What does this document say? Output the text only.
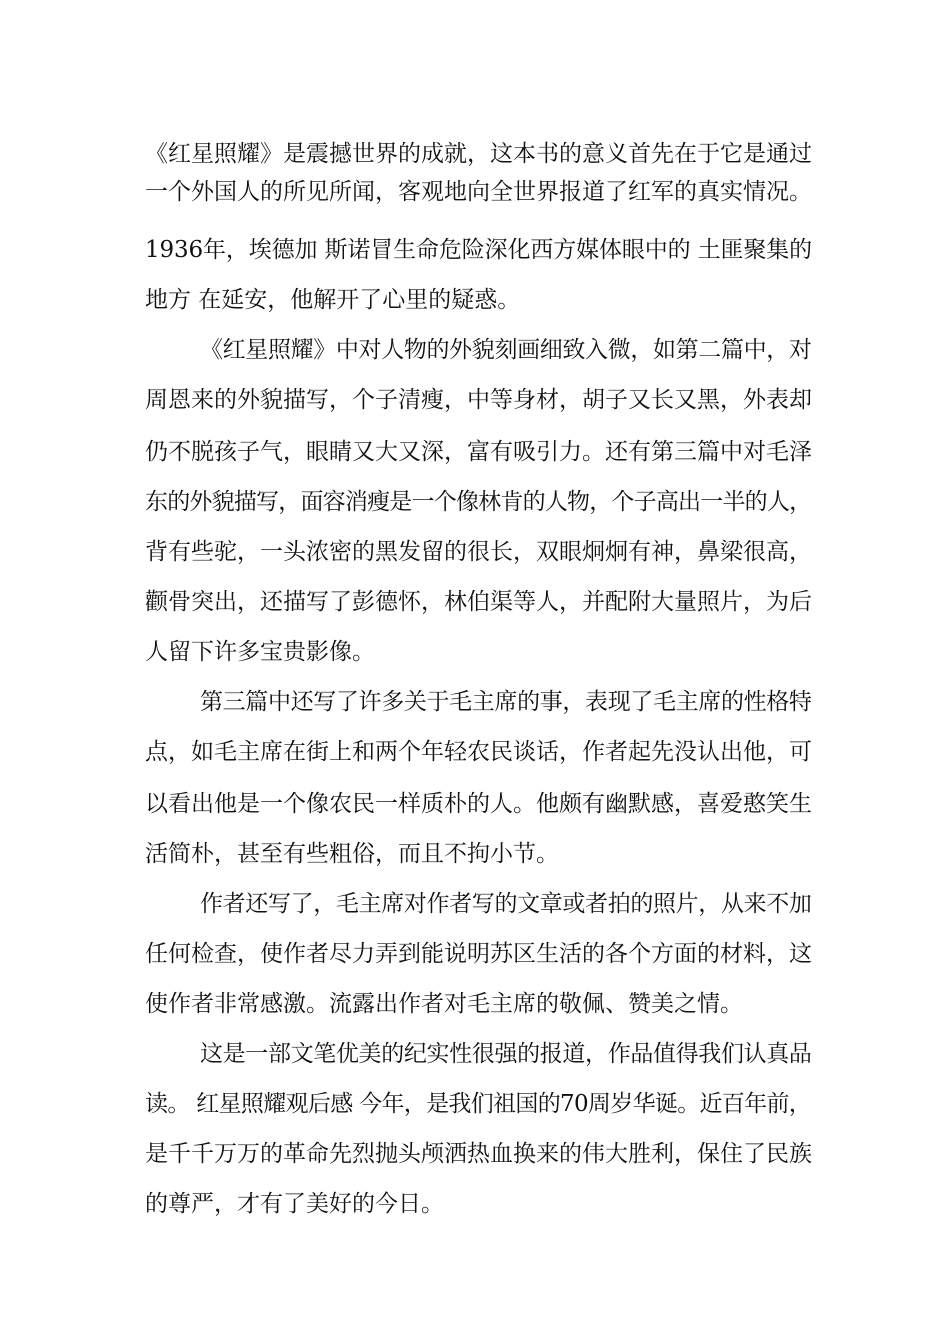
《红星照耀》是震撼世界的成就，这本书的意义首先在于它是通过
一个外国人的所见所闻，客观地向全世界报道了红军的真实情况。
1936年，埃德加 斯诺冒生命危险深化西方媒体眼中的 土匪聚集的
地方 在延安，他解开了心里的疑惑。
《红星照耀》中对人物的外貌刻画细致入微，如第二篇中，对
周恩来的外貌描写，个子清瘦，中等身材，胡子又长又黑，外表却
仍不脱孩子气，眼睛又大又深，富有吸引力。还有第三篇中对毛泽
东的外貌描写，面容消瘦是一个像林肯的人物，个子高出一半的人，
背有些驼，一头浓密的黑发留的很长，双眼炯炯有神，鼻梁很高，
颧骨突出，还描写了彭德怀，林伯渠等人，并配附大量照片，为后
人留下许多宝贵影像。
第三篇中还写了许多关于毛主席的事，表现了毛主席的性格特
点，如毛主席在街上和两个年轻农民谈话，作者起先没认出他，可
以看出他是一个像农民一样质朴的人。他颇有幽默感，喜爱憨笑生
活简朴，甚至有些粗俗，而且不拘小节。
作者还写了，毛主席对作者写的文章或者拍的照片，从来不加
任何检查，使作者尽力弄到能说明苏区生活的各个方面的材料，这
使作者非常感激。流露出作者对毛主席的敬佩、赞美之情。
这是一部文笔优美的纪实性很强的报道，作品值得我们认真品
读。 红星照耀观后感 今年，是我们祖国的70周岁华诞。近百年前，
是千千万万的革命先烈抛头颅洒热血换来的伟大胜利，保住了民族
的尊严，才有了美好的今日。
